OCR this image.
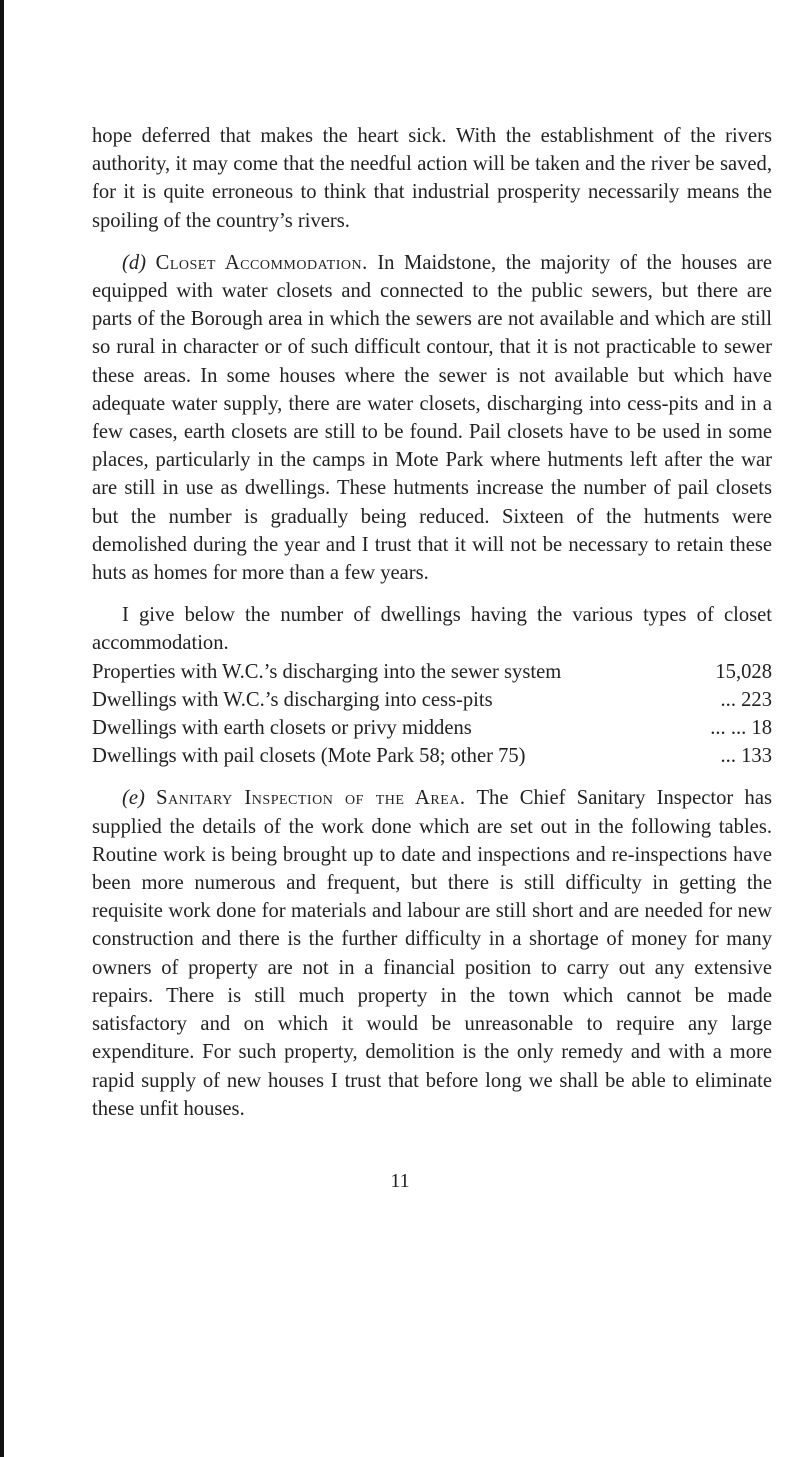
hope deferred that makes the heart sick. With the establishment of the rivers authority, it may come that the needful action will be taken and the river be saved, for it is quite erroneous to think that industrial prosperity necessarily means the spoiling of the country’s rivers.

(d) Closet Accommodation. In Maidstone, the majority of the houses are equipped with water closets and connected to the public sewers, but there are parts of the Borough area in which the sewers are not available and which are still so rural in character or of such difficult contour, that it is not practicable to sewer these areas. In some houses where the sewer is not available but which have adequate water supply, there are water closets, discharging into cess-pits and in a few cases, earth closets are still to be found. Pail closets have to be used in some places, particularly in the camps in Mote Park where hutments left after the war are still in use as dwellings. These hutments increase the number of pail closets but the number is gradually being reduced. Sixteen of the hutments were demolished during the year and I trust that it will not be necessary to retain these huts as homes for more than a few years.

I give below the number of dwellings having the various types of closet accommodation.

Properties with W.C.’s discharging into the sewer system	15,028
Dwellings with W.C.’s discharging into cess-pits	... 223
Dwellings with earth closets or privy middens	... ... 18
Dwellings with pail closets (Mote Park 58; other 75)	... 133

(e) Sanitary Inspection of the Area. The Chief Sanitary Inspector has supplied the details of the work done which are set out in the following tables. Routine work is being brought up to date and inspections and re-inspections have been more numerous and frequent, but there is still difficulty in getting the requisite work done for materials and labour are still short and are needed for new construction and there is the further difficulty in a shortage of money for many owners of property are not in a financial position to carry out any extensive repairs. There is still much property in the town which cannot be made satisfactory and on which it would be unreasonable to require any large expenditure. For such property, demolition is the only remedy and with a more rapid supply of new houses I trust that before long we shall be able to eliminate these unfit houses.

11
